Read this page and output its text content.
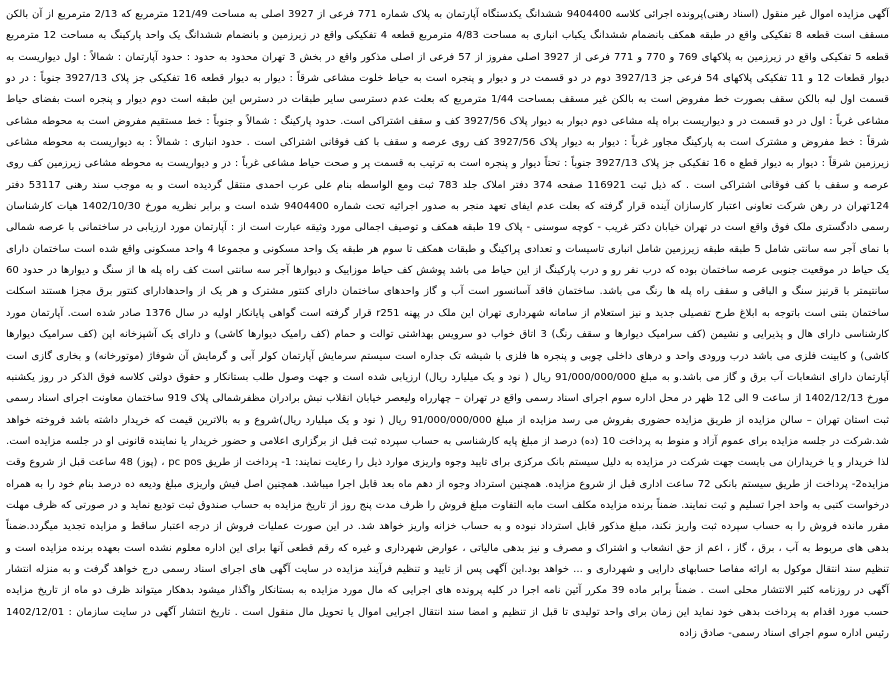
آگهی مزایده اموال غیر منقول (اسناد رهنی)پرونده اجرائی کلاسه 9404400 ششدانگ یکدستگاه آپارتمان به پلاک شماره 771 فرعی از 3927 اصلی به مساحت 121/49 مترمربع که 2/13 مترمربع از آن بالکن مسقف است قطعه 8 تفکیکی واقع در طبقه همکف بانضمام ششدانگ یکباب انباری به مساحت 4/83 مترمربع قطعه 4 تفکیکی واقع در زیرزمین و بانضمام ششدانگ یک واحد پارکینگ به مساحت 12 مترمربع قطعه 5 تفکیکی واقع در زیرزمین به پلاکهای 769 و 770 و 771 فرعی از 3927 اصلی مفروز از 57 فرعی از اصلی مذکور واقع در بخش 3 تهران محدود به حدود : حدود آپارتمان : شمالاً : اول دیواریست به دیوار قطعات 12 و 11 تفکیکی پلاکهای 54 فرعی جز 3927/13 دوم در دو قسمت در و دیوار و پنجره است به حیاط خلوت مشاعی شرقاً : دیوار به دیوار قطعه 16 تفکیکی جز پلاک 3927/13 جنوباً : در دو قسمت اول لبه بالکن سقف بصورت خط مفروض است به بالکن غیر مسقف بمساحت 1/44 مترمربع که بعلت عدم دسترسی سایر طبقات در دسترس این طبقه است دوم دیوار و پنجره است بفضای حیاط مشاعی غرباً : اول در دو قسمت در و دیواریست براه پله مشاعی دوم دیوار به دیوار پلاک 3927/56 کف و سقف اشتراکی است. حدود پارکینگ : شمالاً و جنوباً : خط مستقیم مفروض است به محوطه مشاعی شرقاً : خط مفروض و مشترک است به پارکینگ مجاور غرباً : دیوار به دیوار پلاک 3927/56 کف روی عرصه و سقف با کف فوقانی اشتراکی است . حدود انباری : شمالاً : به دیواریست به محوطه مشاعی زیرزمین شرقاً : دیوار به دیوار قطع ه 16 تفکیکی جز پلاک 3927/13 جنوباً : تحتاً دیوار و پنجره است به ترتیب به قسمت پر و صحت حیاط مشاعی غرباً : در و دیواریست به محوطه مشاعی زیرزمین کف روی عرصه و سقف با کف فوقانی اشتراکی است . که ذیل ثبت 116921 صفحه 374 دفتر املاک جلد 783 ثبت ومع الواسطه بنام علی عرب احمدی منتقل گردیده است و به موجب سند رهنی 53117 دفتر 124تهران در رهن شرکت تعاونی اعتبار کارسازان آینده قرار گرفته که بعلت عدم ایفای تعهد منجر به صدور اجرائیه تحت شماره 9404400 شده است و برابر نظریه مورخ 1402/10/30 هیات کارشناسان رسمی دادگستری ملک فوق واقع است در تهران خیابان دکتر غریب - کوچه سوسنی - پلاک 19 طبقه همکف و توصیف اجمالی مورد وثیقه عبارت است از : آپارتمان مورد ارزیابی در ساختمانی با عرصه شمالی با نمای آجر سه سانتی شامل 5 طبقه طبقه زیرزمین شامل انباری تاسیسات و تعدادی پراکینگ و طبقات همکف تا سوم هر طبقه یک واحد مسکونی و مجموعا 4 واحد مسکونی واقع شده است ساختمان دارای یک حیاط در موقعیت جنوبی عرصه ساختمان بوده که درب نفر رو و درب پارکینگ از این حیاط می باشد پوشش کف حیاط موزاییک و دیوارها آجر سه سانتی است کف راه پله ها از سنگ و دیوارها در حدود 60 سانتیمتر با قرنیز سنگ و الباقی و سقف راه پله ها رنگ می باشد. ساختمان فاقد آسانسور است آب و گاز واحدهای ساختمان دارای کنتور مشترک و هر یک از واحدهادارای کنتور برق مجزا هستند اسکلت ساختمان بتنی است باتوجه به ابلاغ طرح تفصیلی جدید و نیز استعلام از سامانه شهرداری تهران این ملک در پهنه r251 قرار گرفته است گواهی پایانکار اولیه در سال 1376 صادر شده است. آپارتمان مورد کارشناسی دارای هال و پذیرایی و نشیمن (کف سرامیک دیوارها و سقف رنگ) 3 اتاق خواب دو سرویس بهداشتی توالت و حمام (کف رامیک دیوارها کاشی) و دارای یک آشپزخانه اپن (کف سرامیک دیوارها کاشی) و کابینت فلزی می باشد درب ورودی واحد و درهای داخلی چوبی و پنجره ها فلزی با شیشه تک جداره است سیستم سرمایش آپارتمان کولر آبی و گرمایش آن شوفاژ (موتورخانه) و بخاری گازی است آپارتمان دارای انشعابات آب برق و گاز می باشد.و به مبلغ 91/000/000/000 ریال ( نود و یک میلیارد ریال) ارزیابی شده است و جهت وصول طلب بستانکار و حقوق دولتی کلاسه فوق الذکر در روز یکشنبه مورخ 1402/12/13 از ساعت 9 الی 12 ظهر در محل اداره سوم اجرای اسناد رسمی واقع در تهران – چهارراه ولیعصر خیابان انقلاب نبش برادران مظفرشمالی پلاک 919 ساختمان معاونت اجرای اسناد رسمی ثبت استان تهران – سالن مزایده از طریق مزایده حضوری بفروش می رسد مزایده از مبلغ 91/000/000/000 ریال ( نود و یک میلیارد ریال)شروع و به بالاترین قیمت که خریدار داشته باشد فروخته خواهد شد.شرکت در جلسه مزایده برای عموم آزاد و منوط به پرداخت 10 (ده) درصد از مبلغ پایه کارشناسی به حساب سپرده ثبت قبل از برگزاری اعلامی و حضور خریدار یا نماینده قانونی او در جلسه مزایده است. لذا خریدار و یا خریداران می بایست جهت شرکت در مزایده به دلیل سیستم بانک مرکزی برای تایید وجوه واریزی موارد ذیل را رعایت نمایند: 1- پرداخت از طریق pc pos ، (پوز) 48 ساعت قبل از شروع وقت مزایده2- پرداخت از طریق سیستم بانکی 72 ساعت اداری قبل از شروع مزایده. همچنین استرداد وجوه از دهم ماه بعد قابل اجرا میباشد. همچنین اصل فیش واریزی مبلغ ودیعه ده درصد بنام خود را به همراه درخواست کتبی به واحد اجرا تسلیم و ثبت نمایند. ضمناً برنده مزایده مکلف است مابه التفاوت مبلغ فروش را ظرف مدت پنج روز از تاریخ مزایده به حساب صندوق ثبت تودیع نماید و در صورتی که ظرف مهلت مقرر مانده فروش را به حساب سپرده ثبت واریز نکند، مبلغ مذکور قابل استرداد نبوده و به حساب خزانه واریز خواهد شد. در این صورت عملیات فروش از درجه اعتبار ساقط و مزایده تجدید میگردد.ضمناً بدهی های مربوط به آب ، برق ، گاز ، اعم از حق انشعاب و اشتراک و مصرف و نیز بدهی مالیاتی ، عوارض شهرداری و غیره که رقم قطعی آنها برای این اداره معلوم نشده است بعهده برنده مزایده است و تنظیم سند انتقال موکول به ارائه مفاصا حسابهای دارایی و شهرداری و ... خواهد بود.این آگهی پس از تایید و تنظیم فرآیند مزایده در سایت آگهی های اجرای اسناد رسمی درج خواهد گرفت و به منزله انتشار آگهی در روزنامه کثیر الانتشار محلی است . ضمناً برابر ماده 39 مکرر آئین نامه اجرا در کلیه پرونده های اجرایی که مال مورد مزایده به بستانکار واگذار میشود بدهکار میتواند ظرف دو ماه از تاریخ مزایده حسب مورد اقدام به پرداخت بدهی خود نماید این زمان برای واحد تولیدی تا قبل از تنظیم و امضا سند انتقال اجرایی اموال یا تحویل مال منقول است . تاریخ انتشار آگهی در سایت سازمان : 1402/12/01 رئیس اداره سوم اجرای اسناد رسمی- صادق زاده
